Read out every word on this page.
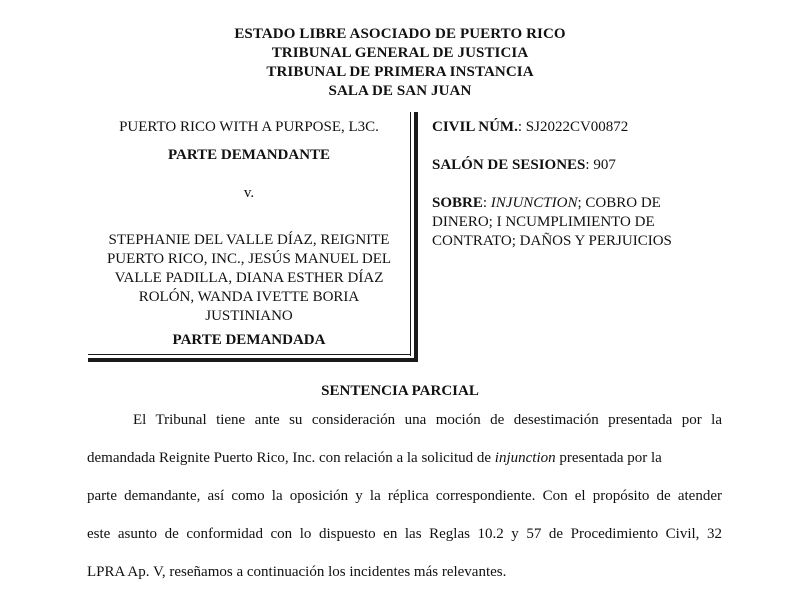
ESTADO LIBRE ASOCIADO DE PUERTO RICO
TRIBUNAL GENERAL DE JUSTICIA
TRIBUNAL DE PRIMERA INSTANCIA
SALA DE SAN JUAN
PUERTO RICO WITH A PURPOSE, L3C.
PARTE DEMANDANTE
v.
STEPHANIE DEL VALLE DÍAZ, REIGNITE
PUERTO RICO, INC., JESÚS MANUEL DEL
VALLE PADILLA, DIANA ESTHER DÍAZ
ROLÓN, WANDA IVETTE BORIA
JUSTINIANO
PARTE DEMANDADA
CIVIL NÚM.: SJ2022CV00872
SALÓN DE SESIONES: 907
SOBRE: INJUNCTION; COBRO DE
DINERO; I NCUMPLIMIENTO DE
CONTRATO; DAÑOS Y PERJUICIOS
SENTENCIA PARCIAL
El Tribunal tiene ante su consideración una moción de desestimación presentada por la
demandada Reignite Puerto Rico, Inc. con relación a la solicitud de injunction presentada por la
parte demandante, así como la oposición y la réplica correspondiente. Con el propósito de atender
este asunto de conformidad con lo dispuesto en las Reglas 10.2 y 57 de Procedimiento Civil, 32
LPRA Ap. V, reseñamos a continuación los incidentes más relevantes.
